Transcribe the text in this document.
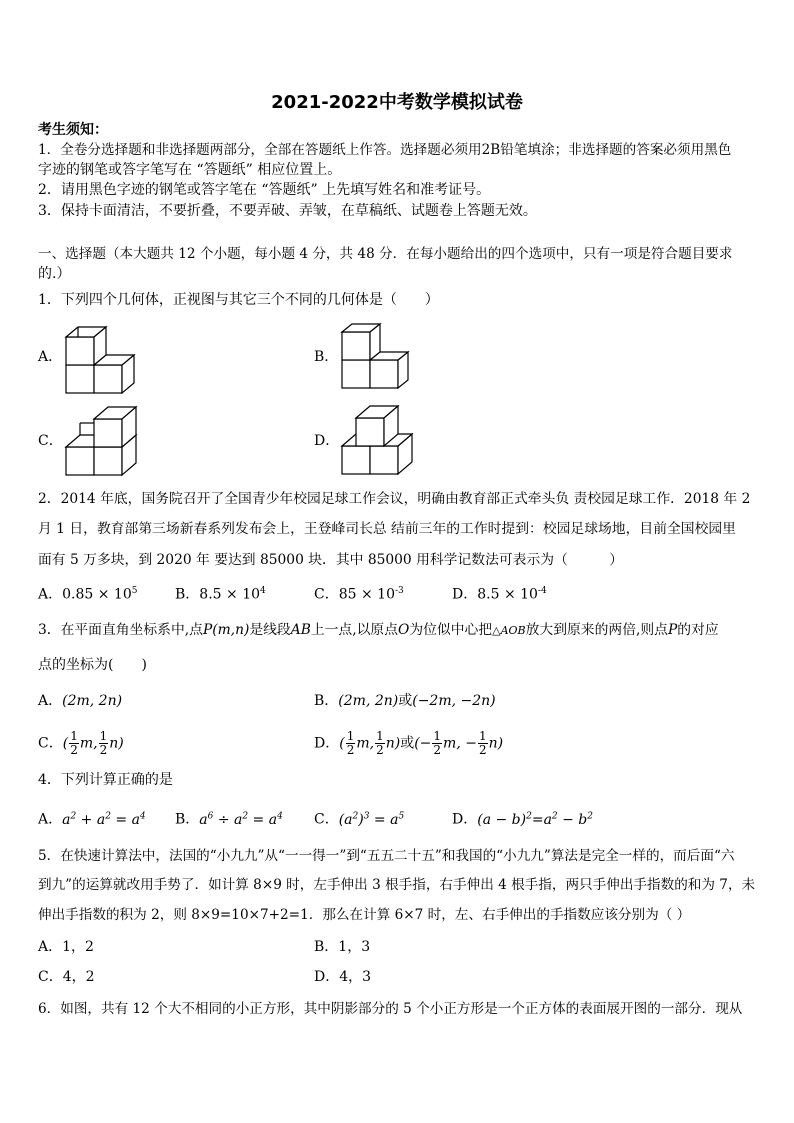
2021-2022中考数学模拟试卷
考生须知：
1．全卷分选择题和非选择题两部分，全部在答题纸上作答。选择题必须用2B铅笔填涂；非选择题的答案必须用黑色
字迹的钢笔或答字笔写在 “答题纸” 相应位置上。
2．请用黑色字迹的钢笔或答字笔在 “答题纸” 上先填写姓名和准考证号。
3．保持卡面清洁，不要折叠，不要弄破、弄皱，在草稿纸、试题卷上答题无效。
一、选择题（本大题共 12 个小题，每小题 4 分，共 48 分．在每小题给出的四个选项中，只有一项是符合题目要求
的.）
1．下列四个几何体，正视图与其它三个不同的几何体是（　　）
A．	B．
C．	D．
2．2014 年底，国务院召开了全国青少年校园足球工作会议，明确由教育部正式牵头负 责校园足球工作．2018 年 2
月 1 日，教育部第三场新春系列发布会上，王登峰司长总 结前三年的工作时提到：校园足球场地，目前全国校园里
面有 5 万多块，到 2020 年 要达到 85000 块．其中 85000 用科学记数法可表示为（　　　）
A．$0.85 \times 10^5$	B．$8.5 \times 10^4$	C．$85 \times 10^{-3}$	D．$8.5 \times 10^{-4}$
3．在平面直角坐标系中,点P(m,n)是线段AB上一点,以原点O为位似中心把△AOB放大到原来的两倍,则点P的对应
点的坐标为(　　)
A．(2m, 2n)	B．(2m, 2n)或(−2m, −2n)
C．( $\frac{1}{2} m$, $\frac{1}{2} n$)	D．( $\frac{1}{2} m$, $\frac{1}{2} n$)或(− $\frac{1}{2} m$, − $\frac{1}{2} n$)
4．下列计算正确的是
A．$a^2 + a^2 = a^4$ B．$a^6 \div a^2 = a^4$ C．$(a^2)^3 = a^5$	D．$(a - b)^2=a^2 - b^2$
5．在快速计算法中，法国的“小九九”从“一一得一”到“五五二十五”和我国的“小九九”算法是完全一样的，而后面“六
到九”的运算就改用手势了．如计算 8×9 时，左手伸出 3 根手指，右手伸出 4 根手指，两只手伸出手指数的和为 7，未
伸出手指数的积为 2，则 8×9=10×7+2=1．那么在计算 6×7 时，左、右手伸出的手指数应该分别为（ ）
A．1，2	B．1，3
C．4，2	D．4，3
6．如图，共有 12 个大不相同的小正方形，其中阴影部分的 5 个小正方形是一个正方体的表面展开图的一部分．现从
